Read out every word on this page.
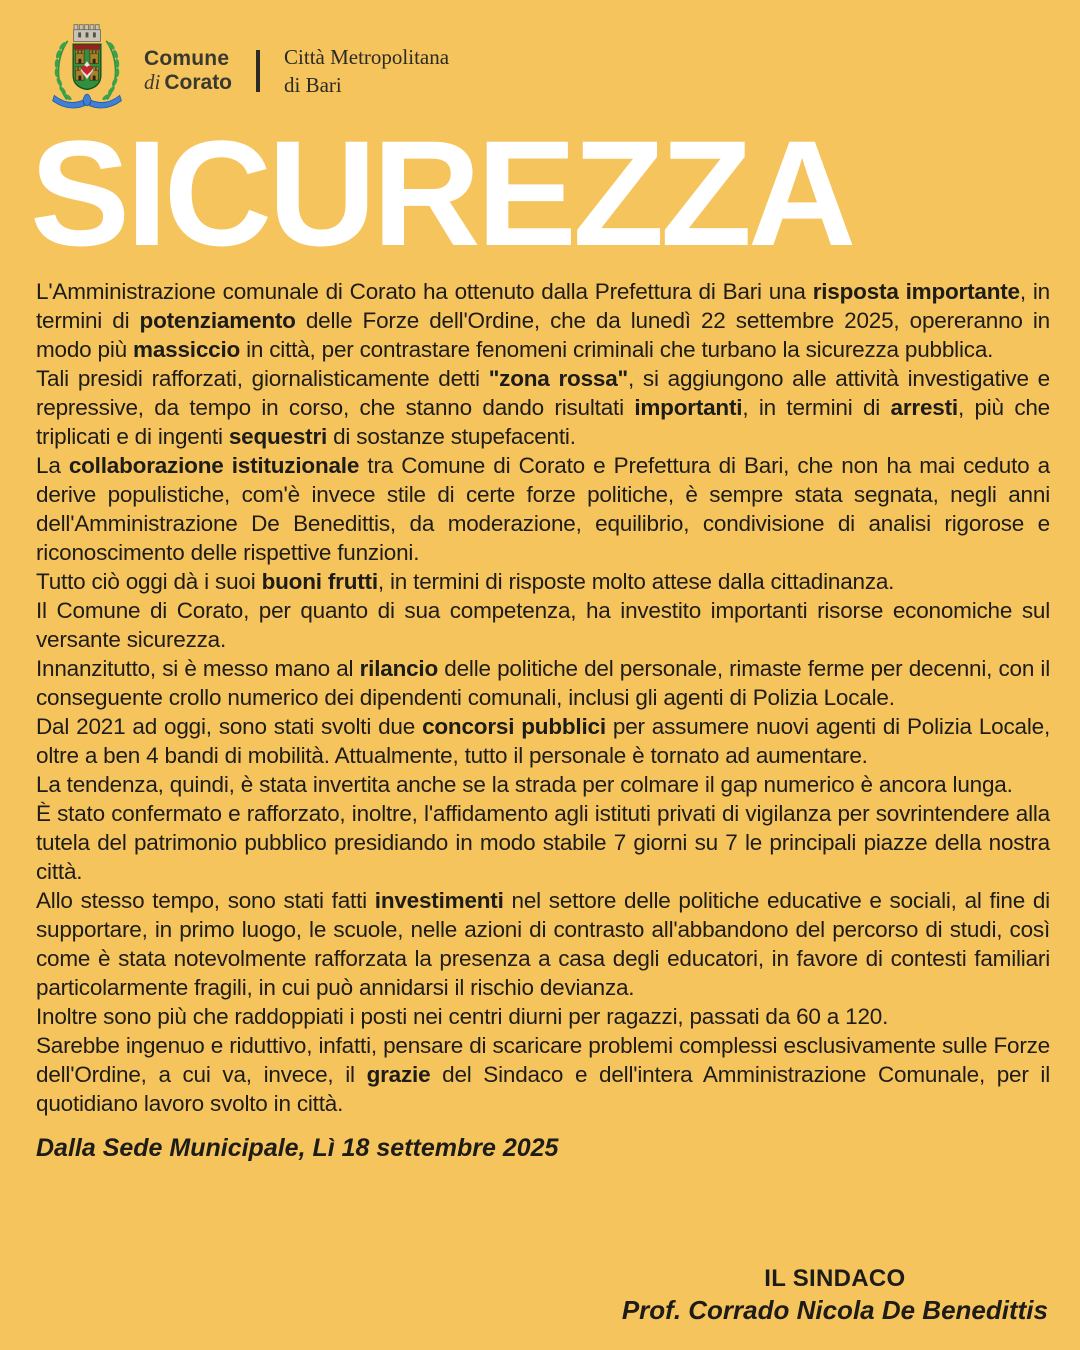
Comune
di Corato
Città Metropolitana
di Bari
SICUREZZA

L'Amministrazione comunale di Corato ha ottenuto dalla Prefettura di Bari una risposta importante, in termini di potenziamento delle Forze dell'Ordine, che da lunedì 22 settembre 2025, opereranno in modo più massiccio in città, per contrastare fenomeni criminali che turbano la sicurezza pubblica.

Tali presidi rafforzati, giornalisticamente detti "zona rossa", si aggiungono alle attività investigative e repressive, da tempo in corso, che stanno dando risultati importanti, in termini di arresti, più che triplicati e di ingenti sequestri di sostanze stupefacenti.

La collaborazione istituzionale tra Comune di Corato e Prefettura di Bari, che non ha mai ceduto a derive populistiche, com'è invece stile di certe forze politiche, è sempre stata segnata, negli anni dell'Amministrazione De Benedittis, da moderazione, equilibrio, condivisione di analisi rigorose e riconoscimento delle rispettive funzioni.

Tutto ciò oggi dà i suoi buoni frutti, in termini di risposte molto attese dalla cittadinanza.

Il Comune di Corato, per quanto di sua competenza, ha investito importanti risorse economiche sul versante sicurezza.

Innanzitutto, si è messo mano al rilancio delle politiche del personale, rimaste ferme per decenni, con il conseguente crollo numerico dei dipendenti comunali, inclusi gli agenti di Polizia Locale.

Dal 2021 ad oggi, sono stati svolti due concorsi pubblici per assumere nuovi agenti di Polizia Locale, oltre a ben 4 bandi di mobilità. Attualmente, tutto il personale è tornato ad aumentare.

La tendenza, quindi, è stata invertita anche se la strada per colmare il gap numerico è ancora lunga.

È stato confermato e rafforzato, inoltre, l'affidamento agli istituti privati di vigilanza per sovrintendere alla tutela del patrimonio pubblico presidiando in modo stabile 7 giorni su 7 le principali piazze della nostra città.

Allo stesso tempo, sono stati fatti investimenti nel settore delle politiche educative e sociali, al fine di supportare, in primo luogo, le scuole, nelle azioni di contrasto all'abbandono del percorso di studi, così come è stata notevolmente rafforzata la presenza a casa degli educatori, in favore di contesti familiari particolarmente fragili, in cui può annidarsi il rischio devianza.

Inoltre sono più che raddoppiati i posti nei centri diurni per ragazzi, passati da 60 a 120.

Sarebbe ingenuo e riduttivo, infatti, pensare di scaricare problemi complessi esclusivamente sulle Forze dell'Ordine, a cui va, invece, il grazie del Sindaco e dell'intera Amministrazione Comunale, per il quotidiano lavoro svolto in città.

Dalla Sede Municipale, Lì 18 settembre 2025

IL SINDACO
Prof. Corrado Nicola De Benedittis
